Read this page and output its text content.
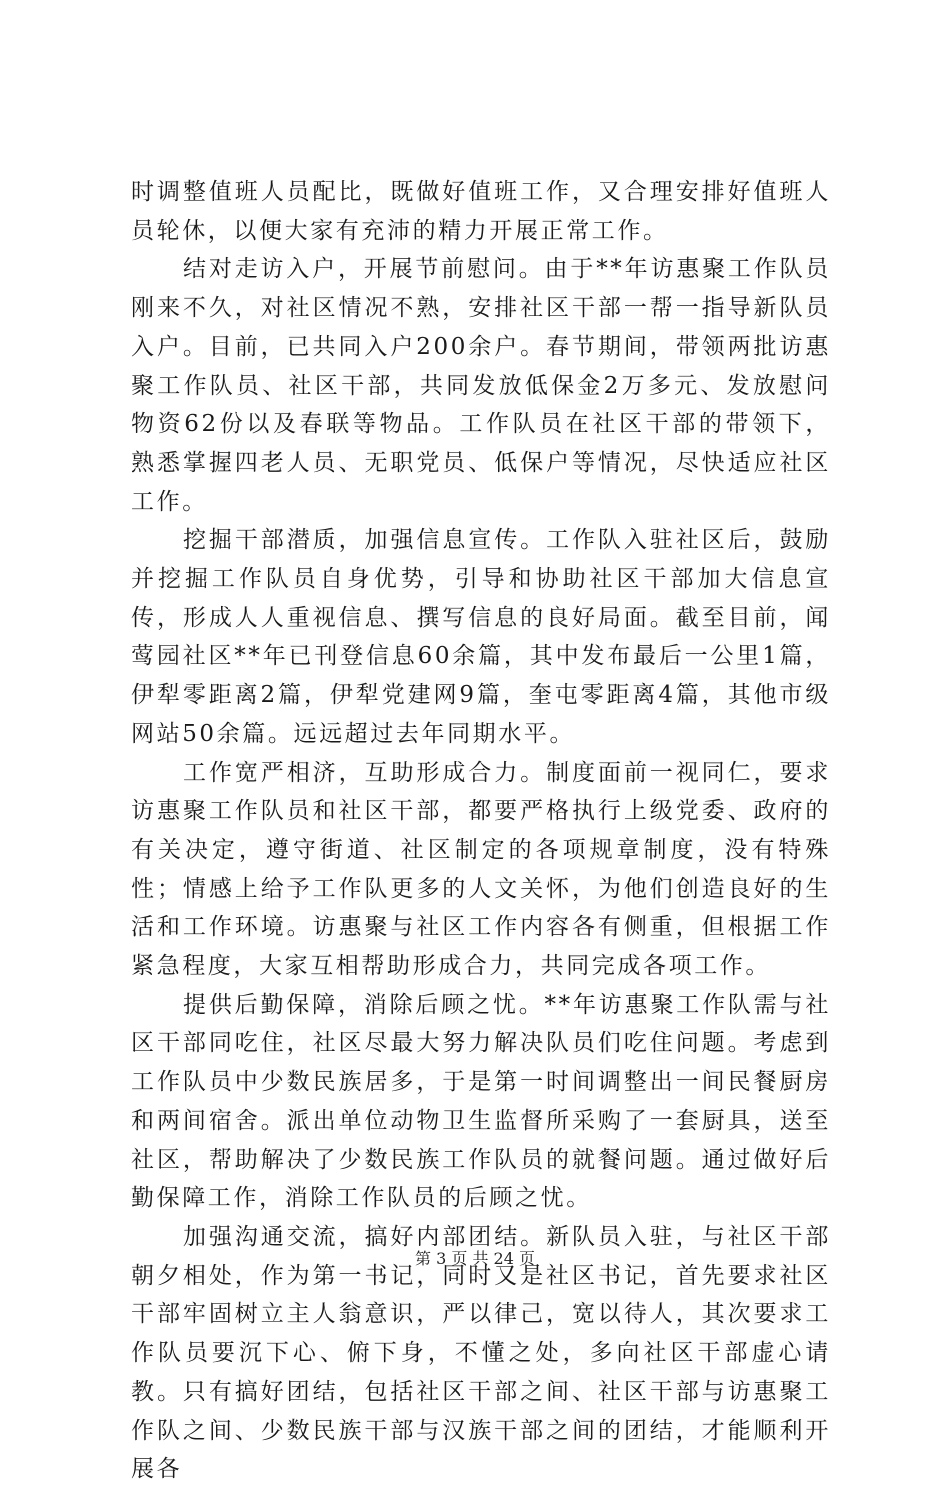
时调整值班人员配比，既做好值班工作，又合理安排好值班人员轮休，以便大家有充沛的精力开展正常工作。

结对走访入户，开展节前慰问。由于**年访惠聚工作队员刚来不久，对社区情况不熟，安排社区干部一帮一指导新队员入户。目前，已共同入户200余户。春节期间，带领两批访惠聚工作队员、社区干部，共同发放低保金2万多元、发放慰问物资62份以及春联等物品。工作队员在社区干部的带领下，熟悉掌握四老人员、无职党员、低保户等情况，尽快适应社区工作。

挖掘干部潜质，加强信息宣传。工作队入驻社区后，鼓励并挖掘工作队员自身优势，引导和协助社区干部加大信息宣传，形成人人重视信息、撰写信息的良好局面。截至目前，闻莺园社区**年已刊登信息60余篇，其中发布最后一公里1篇，伊犁零距离2篇，伊犁党建网9篇，奎屯零距离4篇，其他市级网站50余篇。远远超过去年同期水平。

工作宽严相济，互助形成合力。制度面前一视同仁，要求访惠聚工作队员和社区干部，都要严格执行上级党委、政府的有关决定，遵守街道、社区制定的各项规章制度，没有特殊性；情感上给予工作队更多的人文关怀，为他们创造良好的生活和工作环境。访惠聚与社区工作内容各有侧重，但根据工作紧急程度，大家互相帮助形成合力，共同完成各项工作。

提供后勤保障，消除后顾之忧。**年访惠聚工作队需与社区干部同吃住，社区尽最大努力解决队员们吃住问题。考虑到工作队员中少数民族居多，于是第一时间调整出一间民餐厨房和两间宿舍。派出单位动物卫生监督所采购了一套厨具，送至社区，帮助解决了少数民族工作队员的就餐问题。通过做好后勤保障工作，消除工作队员的后顾之忧。

加强沟通交流，搞好内部团结。新队员入驻，与社区干部朝夕相处，作为第一书记，同时又是社区书记，首先要求社区干部牢固树立主人翁意识，严以律己，宽以待人，其次要求工作队员要沉下心、俯下身，不懂之处，多向社区干部虚心请教。只有搞好团结，包括社区干部之间、社区干部与访惠聚工作队之间、少数民族干部与汉族干部之间的团结，才能顺利开展各

第 3 页 共 24 页
